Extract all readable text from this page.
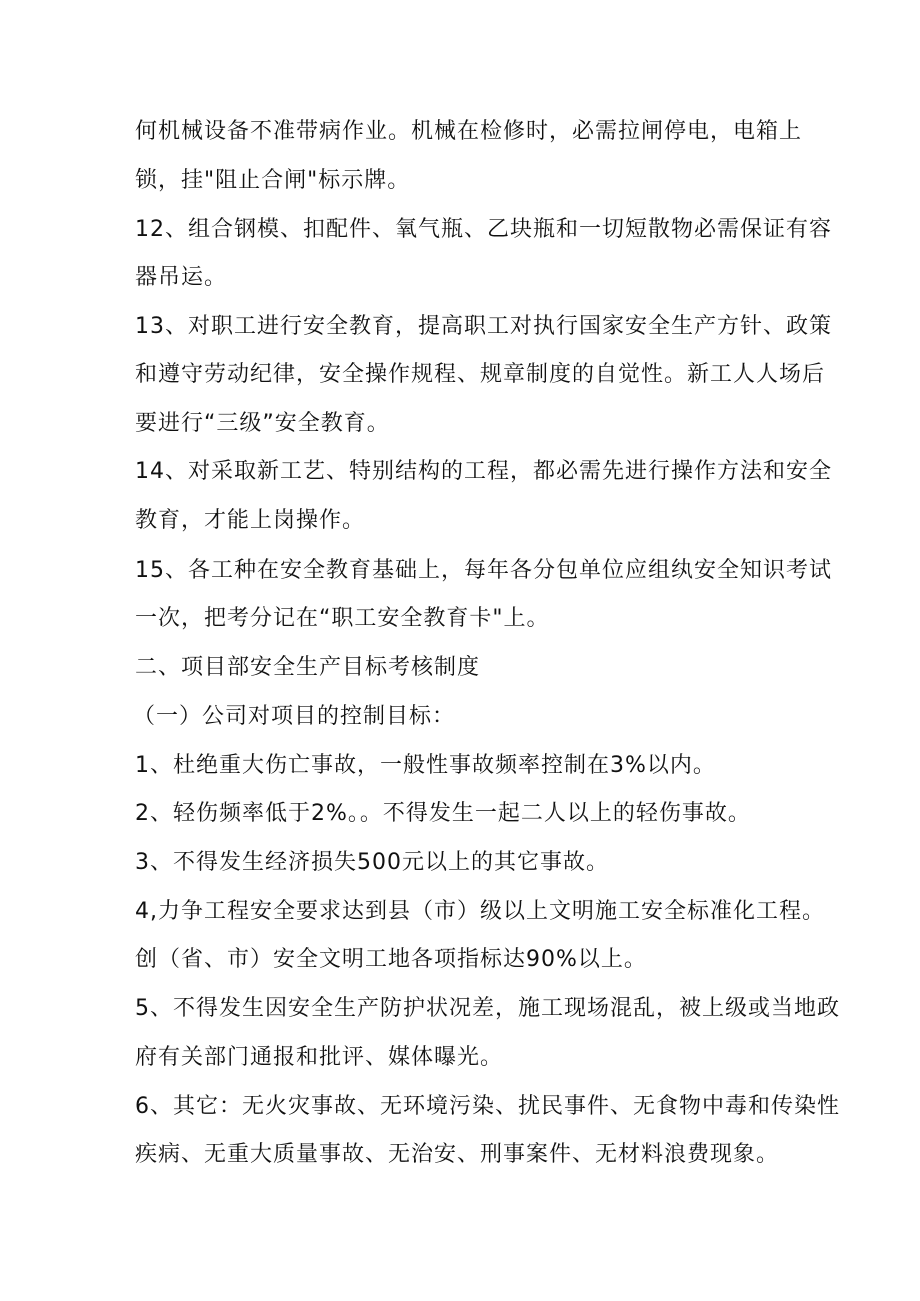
何机械设备不准带病作业。机械在检修时，必需拉闸停电，电箱上
锁，挂"阻止合闸"标示牌。
12、组合钢模、扣配件、氧气瓶、乙块瓶和一切短散物必需保证有容
器吊运。
13、对职工进行安全教育，提高职工对执行国家安全生产方针、政策
和遵守劳动纪律，安全操作规程、规章制度的自觉性。新工人人场后
要进行“三级”安全教育。
14、对采取新工艺、特别结构的工程，都必需先进行操作方法和安全
教育，才能上岗操作。
15、各工种在安全教育基础上，每年各分包单位应组纨安全知识考试
一次，把考分记在“职工安全教育卡"上。
二、项目部安全生产目标考核制度
（一）公司对项目的控制目标：
1、杜绝重大伤亡事故，一般性事故频率控制在3%以内。
2、轻伤频率低于2%。。不得发生一起二人以上的轻伤事故。
3、不得发生经济损失500元以上的其它事故。
4,力争工程安全要求达到县（市）级以上文明施工安全标准化工程。
创（省、市）安全文明工地各项指标达90%以上。
5、不得发生因安全生产防护状况差，施工现场混乱，被上级或当地政
府有关部门通报和批评、媒体曝光。
6、其它：无火灾事故、无环境污染、扰民事件、无食物中毒和传染性
疾病、无重大质量事故、无治安、刑事案件、无材料浪费现象。
